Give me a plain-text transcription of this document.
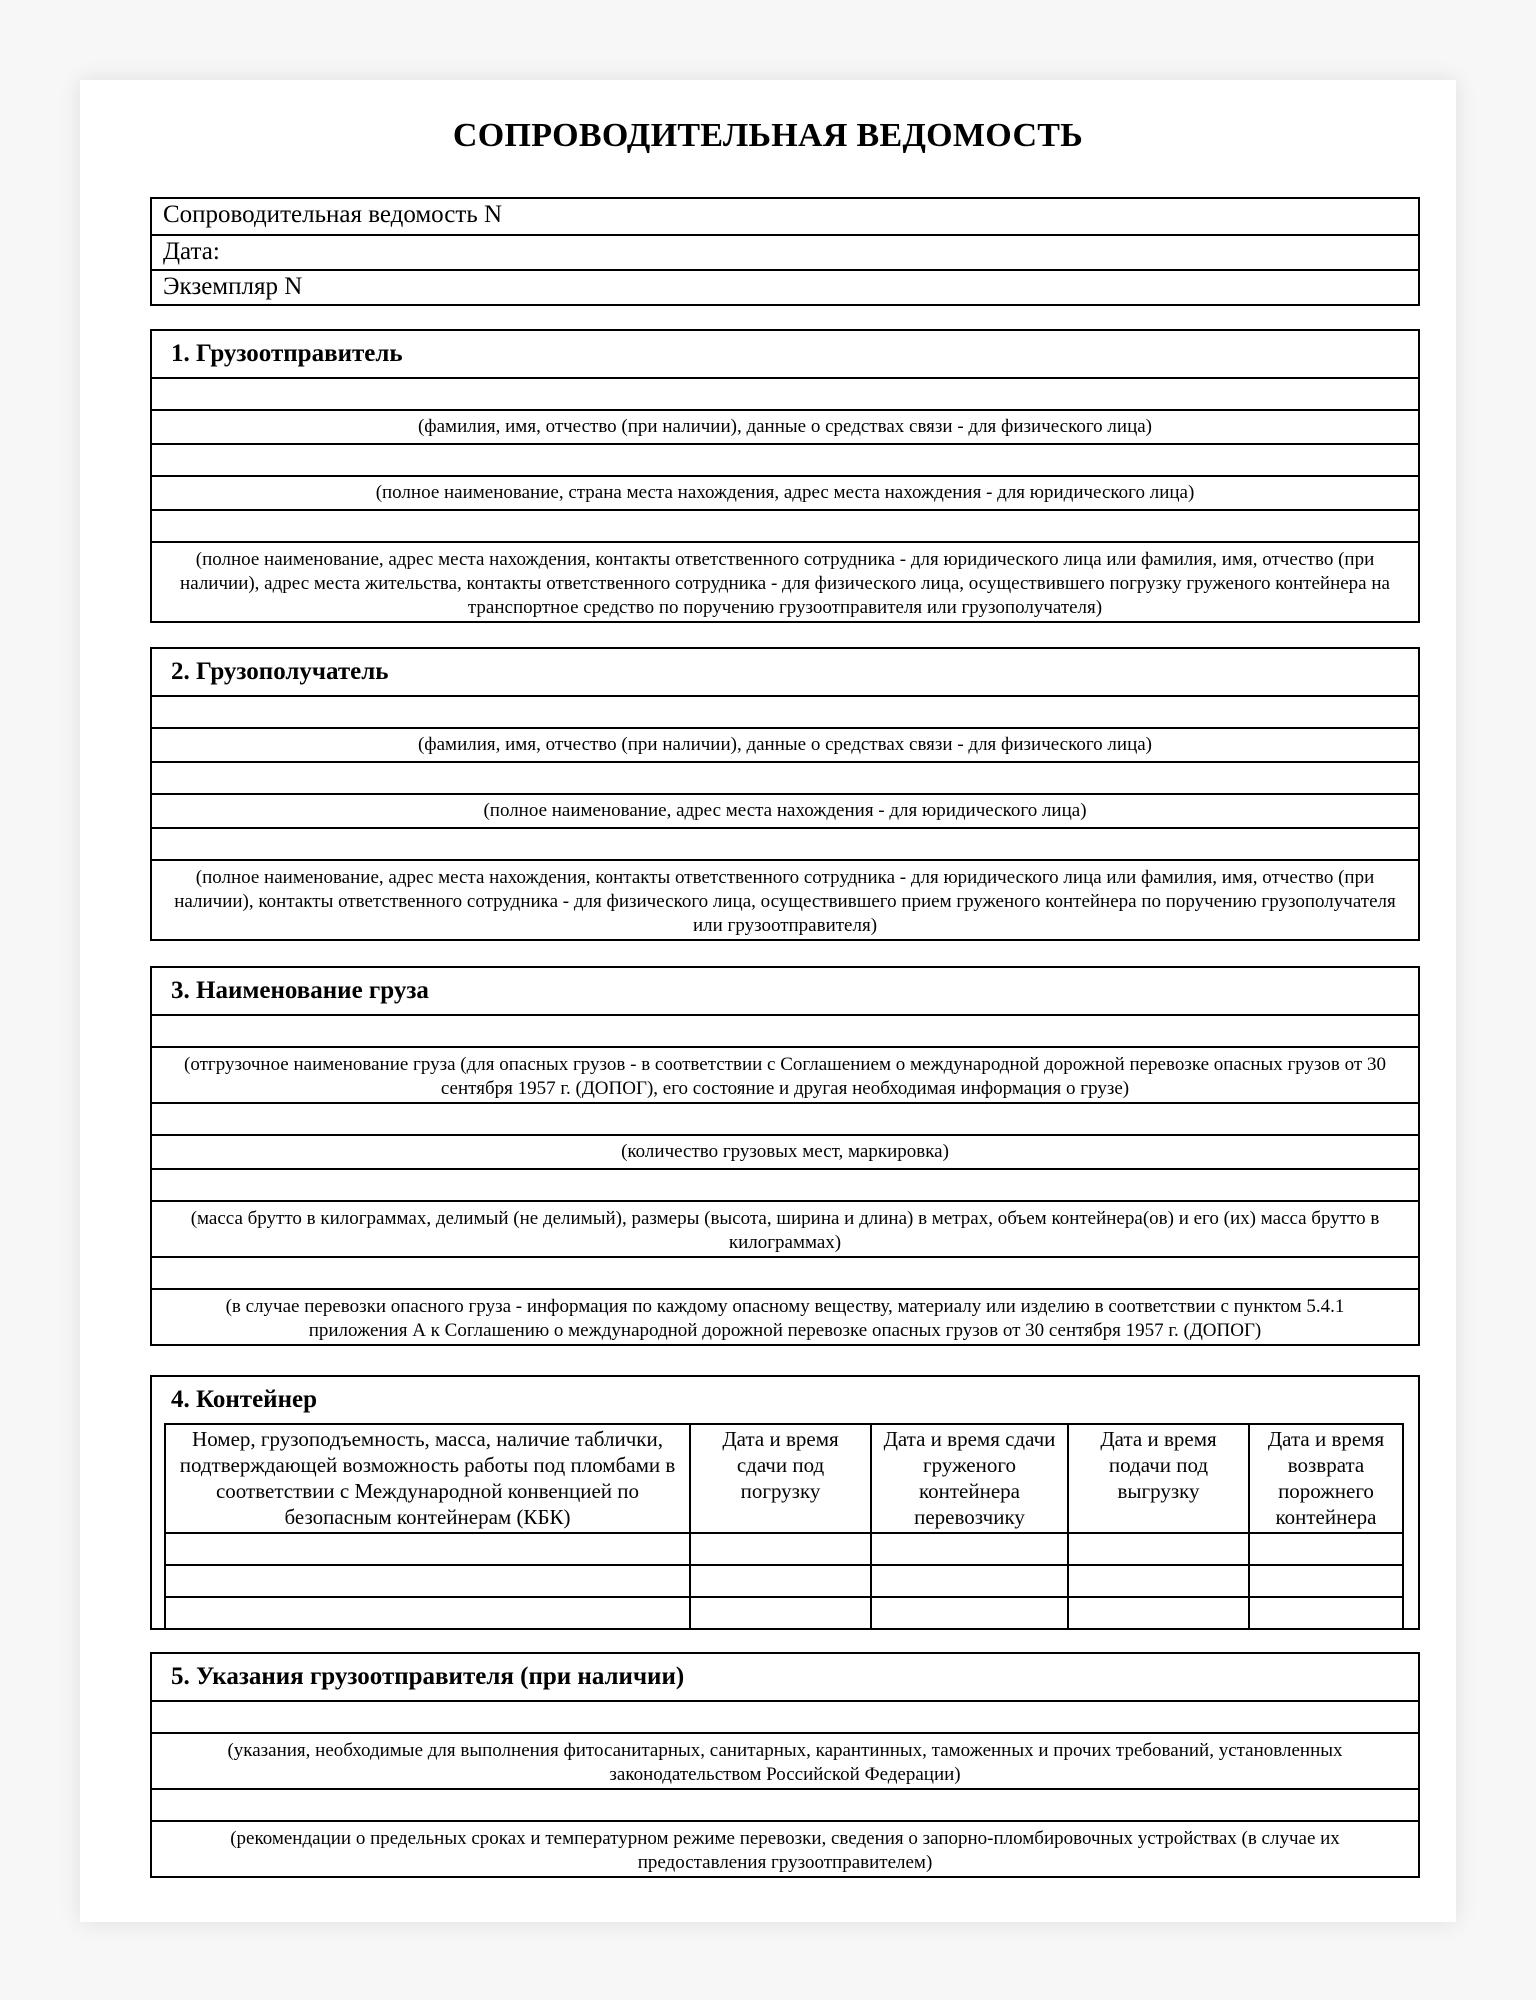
СОПРОВОДИТЕЛЬНАЯ ВЕДОМОСТЬ
Сопроводительная ведомость N
Дата:
Экземпляр N
1. Грузоотправитель
(фамилия, имя, отчество (при наличии), данные о средствах связи - для физического лица)
(полное наименование, страна места нахождения, адрес места нахождения - для юридического лица)
(полное наименование, адрес места нахождения, контакты ответственного сотрудника - для юридического лица или фамилия, имя, отчество (при наличии), адрес места жительства, контакты ответственного сотрудника - для физического лица, осуществившего погрузку груженого контейнера на транспортное средство по поручению грузоотправителя или грузополучателя)
2. Грузополучатель
(фамилия, имя, отчество (при наличии), данные о средствах связи - для физического лица)
(полное наименование, адрес места нахождения - для юридического лица)
(полное наименование, адрес места нахождения, контакты ответственного сотрудника - для юридического лица или фамилия, имя, отчество (при наличии), контакты ответственного сотрудника - для физического лица, осуществившего прием груженого контейнера по поручению грузополучателя или грузоотправителя)
3. Наименование груза
(отгрузочное наименование груза (для опасных грузов - в соответствии с Соглашением о международной дорожной перевозке опасных грузов от 30 сентября 1957 г. (ДОПОГ), его состояние и другая необходимая информация о грузе)
(количество грузовых мест, маркировка)
(масса брутто в килограммах, делимый (не делимый), размеры (высота, ширина и длина) в метрах, объем контейнера(ов) и его (их) масса брутто в килограммах)
(в случае перевозки опасного груза - информация по каждому опасному веществу, материалу или изделию в соответствии с пунктом 5.4.1 приложения А к Соглашению о международной дорожной перевозке опасных грузов от 30 сентября 1957 г. (ДОПОГ)
4. Контейнер
Номер, грузоподъемность, масса, наличие таблички, подтверждающей возможность работы под пломбами в соответствии с Международной конвенцией по безопасным контейнерам (КБК)	Дата и время сдачи под погрузку	Дата и время сдачи груженого контейнера перевозчику	Дата и время подачи под выгрузку	Дата и время возврата порожнего контейнера

5. Указания грузоотправителя (при наличии)
(указания, необходимые для выполнения фитосанитарных, санитарных, карантинных, таможенных и прочих требований, установленных законодательством Российской Федерации)
(рекомендации о предельных сроках и температурном режиме перевозки, сведения о запорно-пломбировочных устройствах (в случае их предоставления грузоотправителем)
